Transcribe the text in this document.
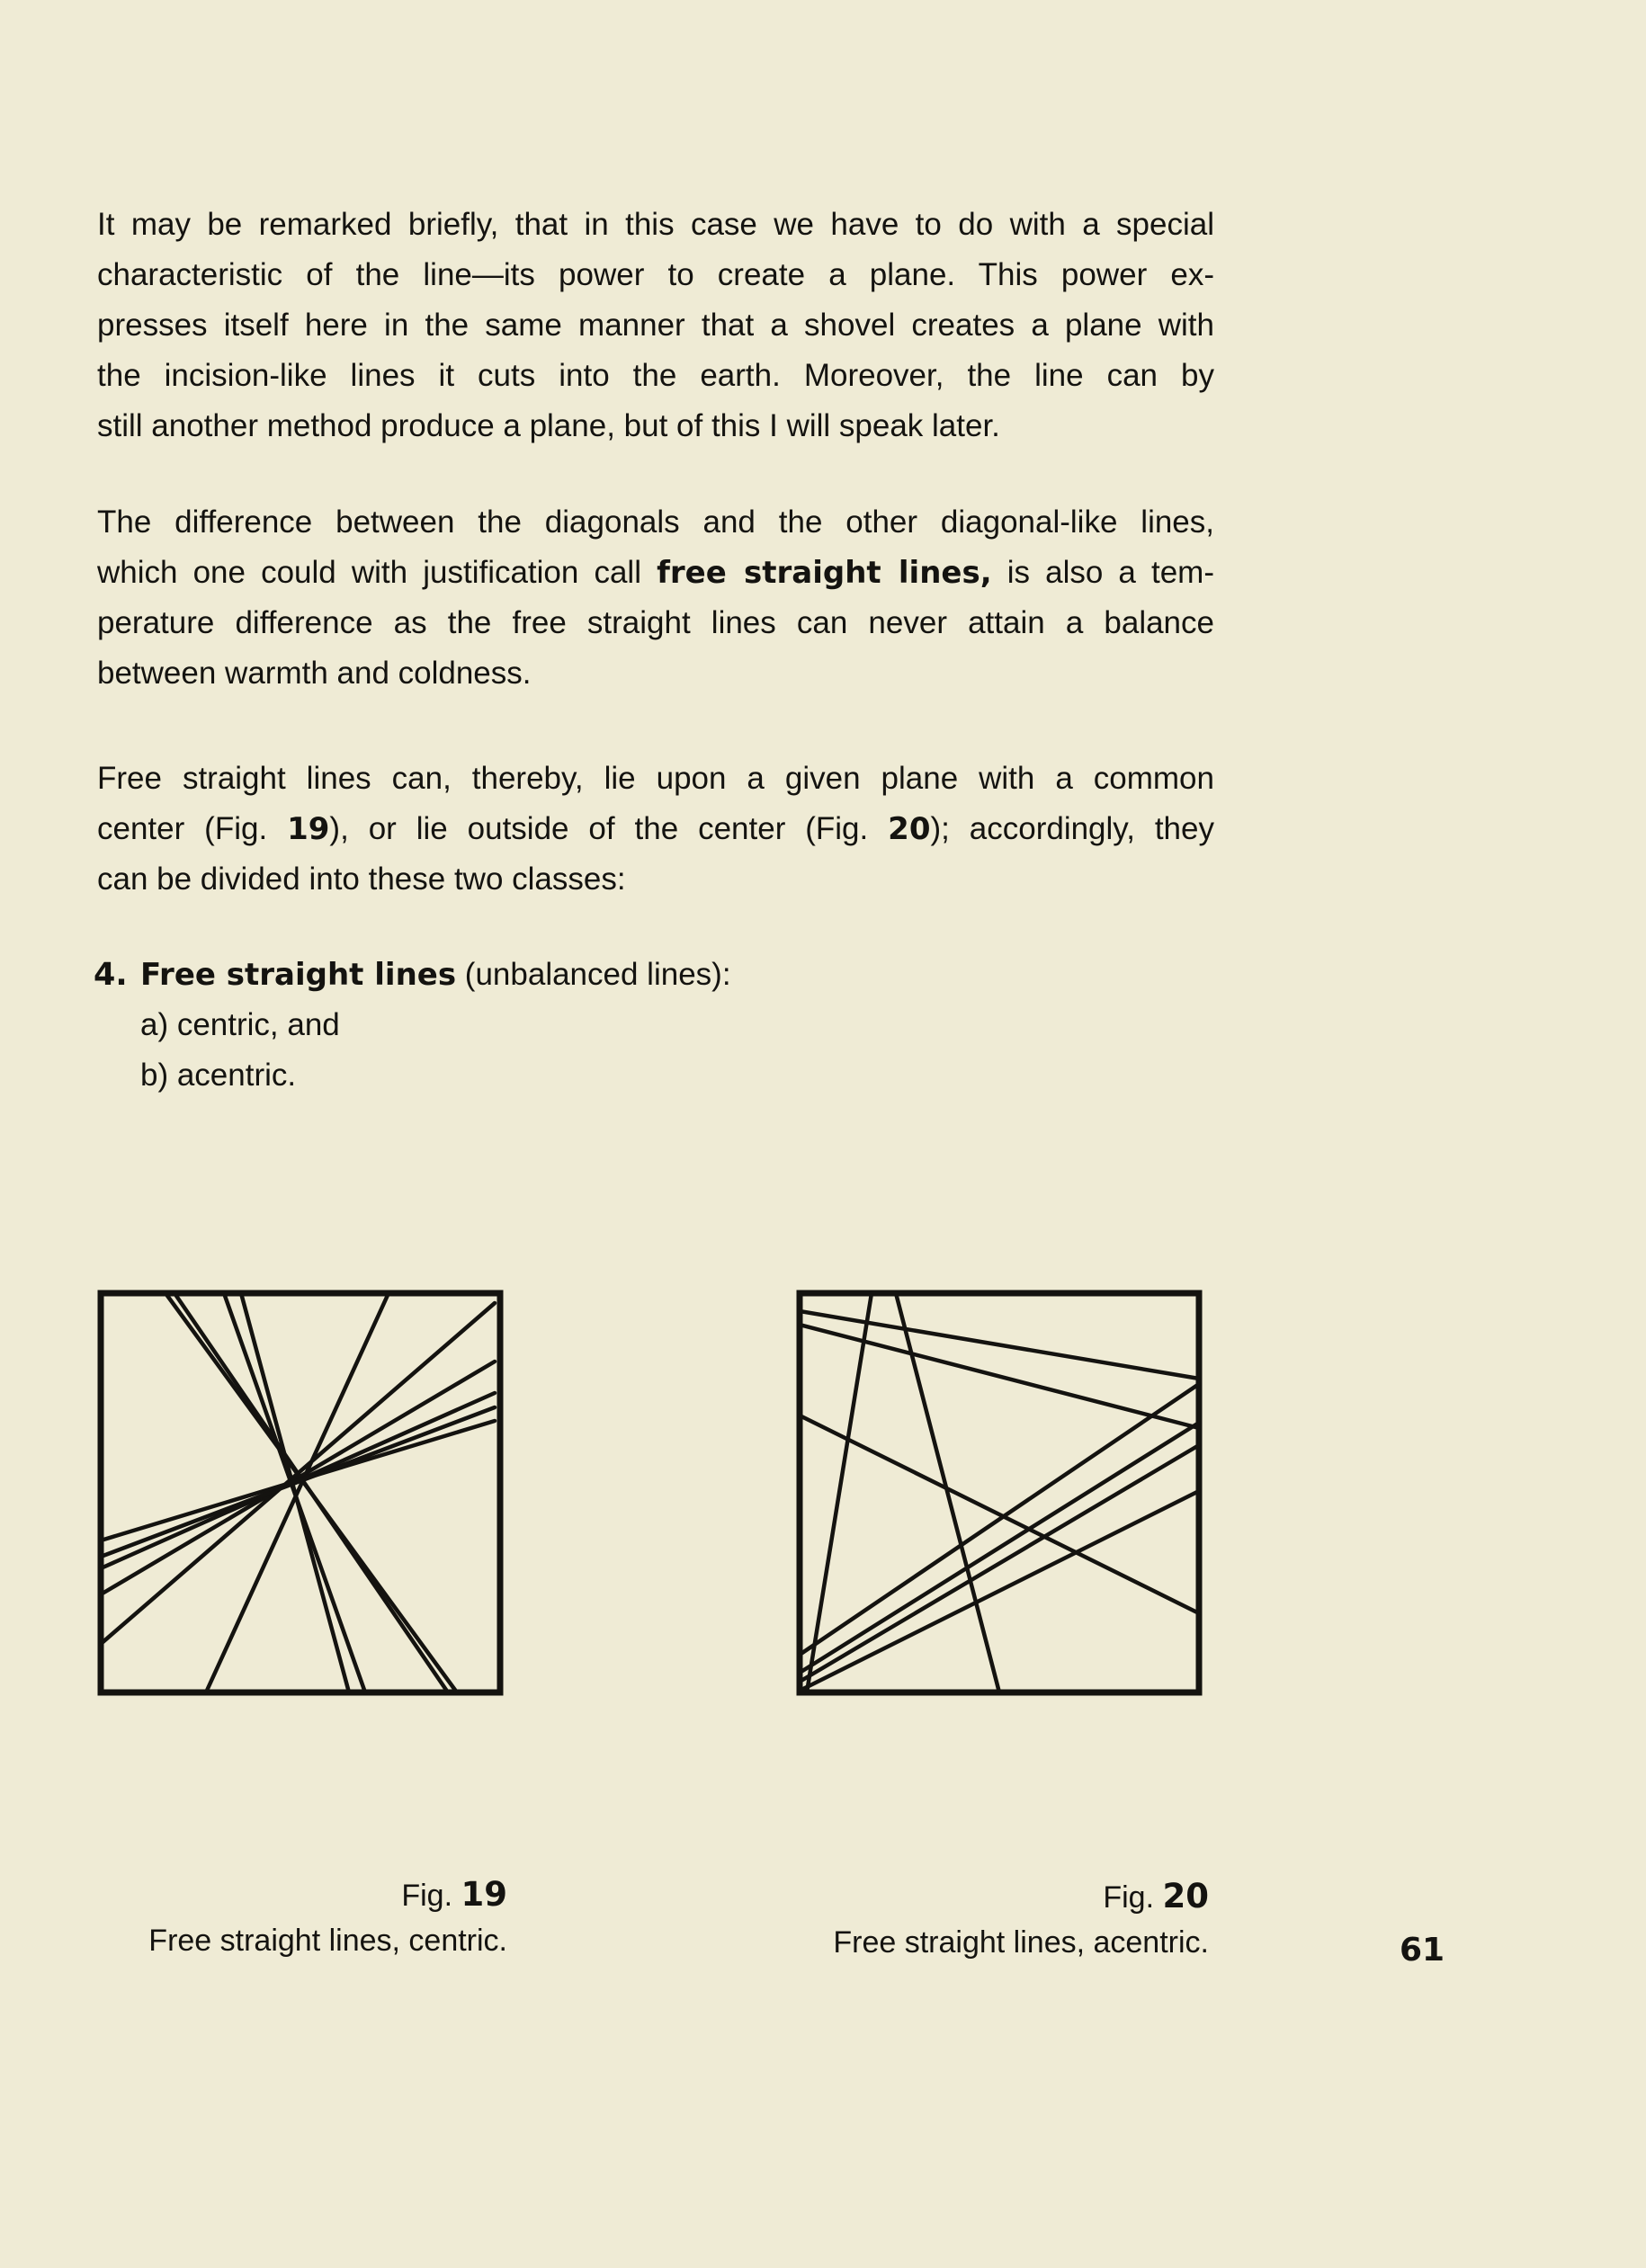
It may be remarked briefly, that in this case we have to do with a special
characteristic of the line—its power to create a plane. This power ex-
presses itself here in the same manner that a shovel creates a plane with
the incision-like lines it cuts into the earth. Moreover, the line can by
still another method produce a plane, but of this I will speak later.

The difference between the diagonals and the other diagonal-like lines,
which one could with justification call free straight lines, is also a tem-
perature difference as the free straight lines can never attain a balance
between warmth and coldness.

Free straight lines can, thereby, lie upon a given plane with a common
center (Fig. 19), or lie outside of the center (Fig. 20); accordingly, they
can be divided into these two classes:

4. Free straight lines (unbalanced lines):
a) centric, and
b) acentric.
Fig. 19
Free straight lines, centric.
Fig. 20
Free straight lines, acentric.	61
